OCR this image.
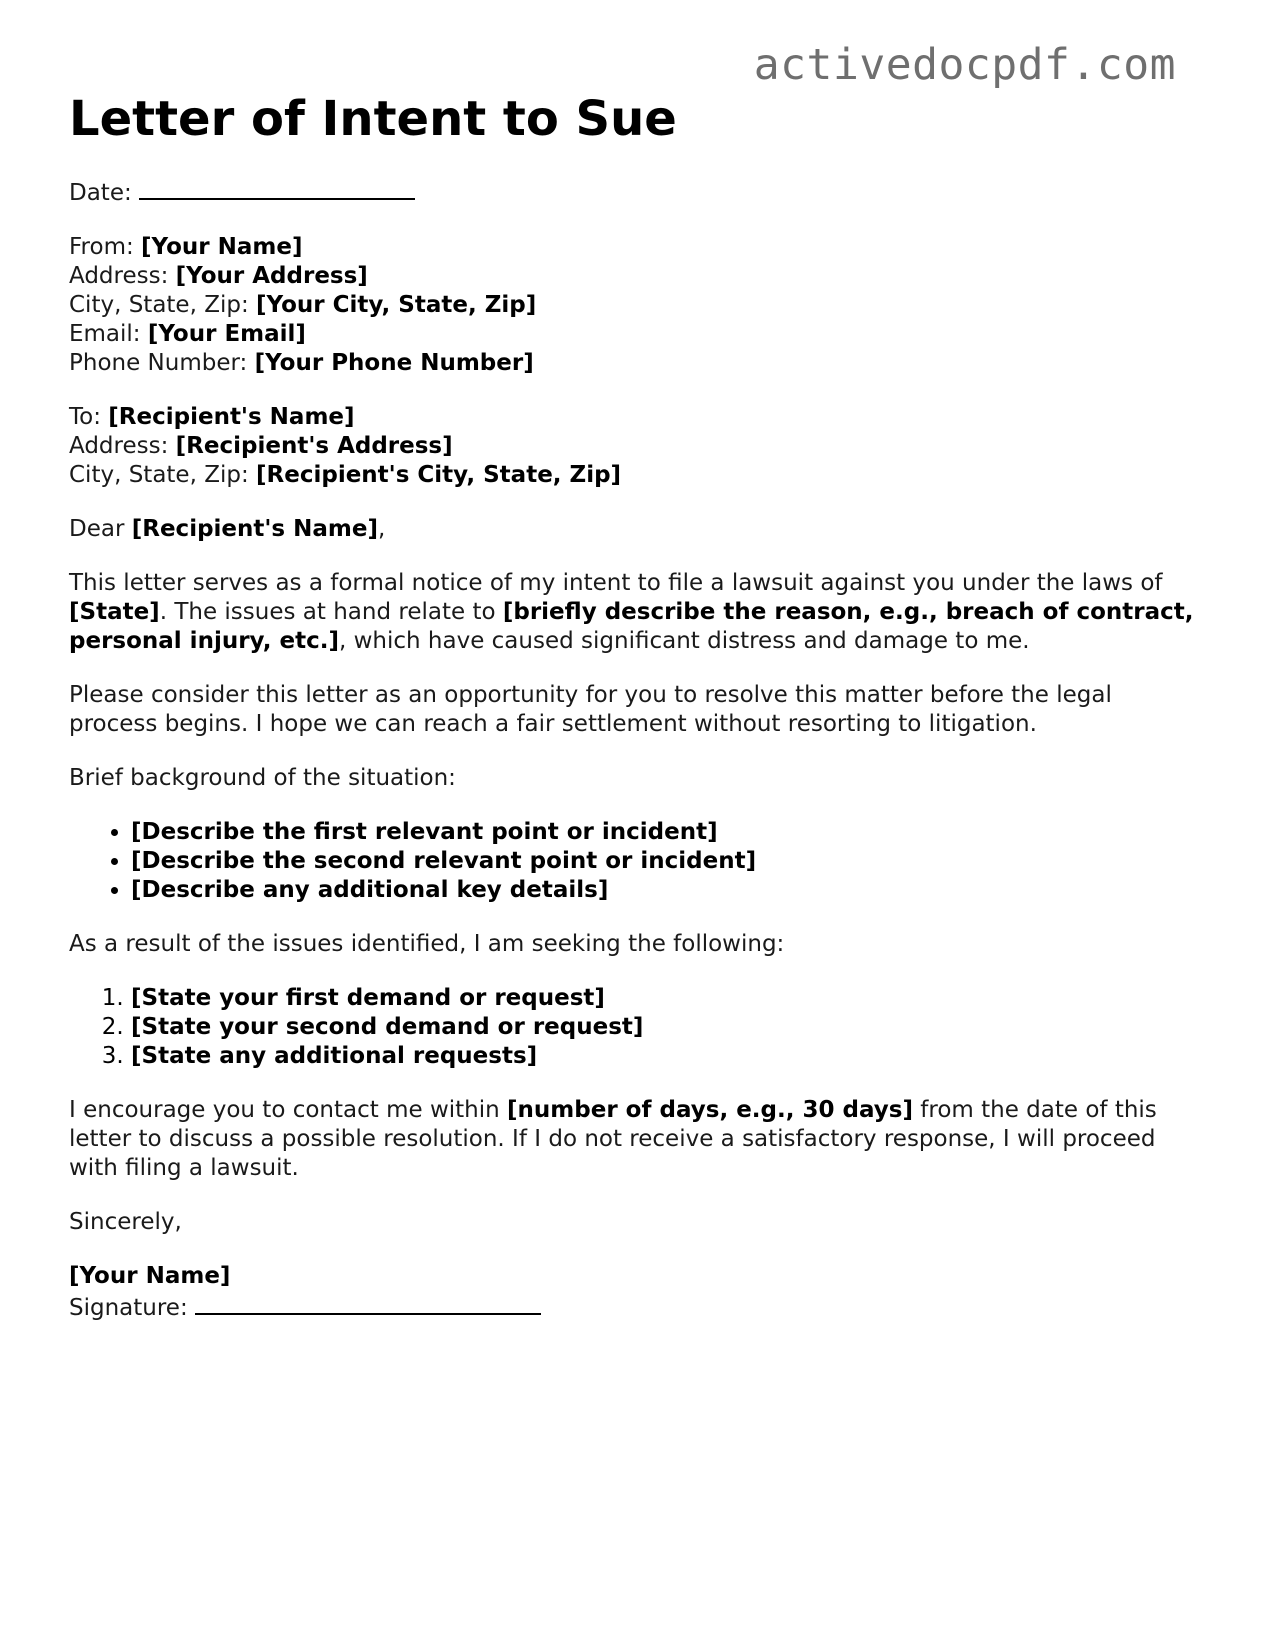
activedocpdf.com
Letter of Intent to Sue
Date:
From: [Your Name]
Address: [Your Address]
City, State, Zip: [Your City, State, Zip]
Email: [Your Email]
Phone Number: [Your Phone Number]
To: [Recipient's Name]
Address: [Recipient's Address]
City, State, Zip: [Recipient's City, State, Zip]
Dear [Recipient's Name],
This letter serves as a formal notice of my intent to file a lawsuit against you under the laws of [State]. The issues at hand relate to [briefly describe the reason, e.g., breach of contract, personal injury, etc.], which have caused significant distress and damage to me.
Please consider this letter as an opportunity for you to resolve this matter before the legal process begins. I hope we can reach a fair settlement without resorting to litigation.
Brief background of the situation:
• [Describe the first relevant point or incident]
• [Describe the second relevant point or incident]
• [Describe any additional key details]
As a result of the issues identified, I am seeking the following:
1. [State your first demand or request]
2. [State your second demand or request]
3. [State any additional requests]
I encourage you to contact me within [number of days, e.g., 30 days] from the date of this letter to discuss a possible resolution. If I do not receive a satisfactory response, I will proceed with filing a lawsuit.
Sincerely,
[Your Name]
Signature:
